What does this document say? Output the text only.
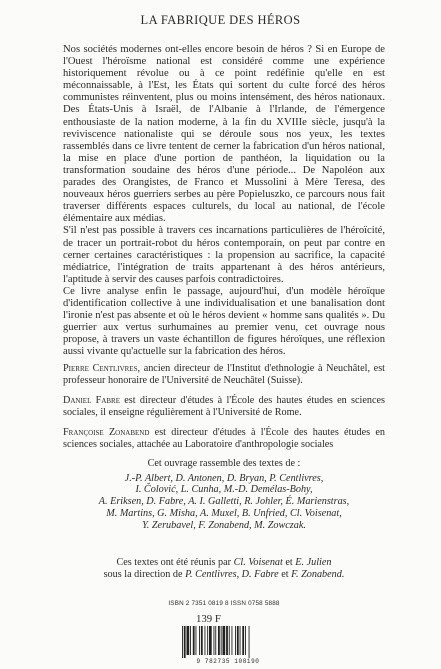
LA FABRIQUE DES HÉROS

Nos sociétés modernes ont-elles encore besoin de héros ? Si en Europe de l'Ouest l'héroïsme national est considéré comme une expérience historiquement révolue ou à ce point redéfinie qu'elle en est méconnaissable, à l'Est, les États qui sortent du culte forcé des héros communistes réinventent, plus ou moins intensément, des héros nationaux. Des États-Unis à Israël, de l'Albanie à l'Irlande, de l'émergence enthousiaste de la nation moderne, à la fin du XVIIIe siècle, jusqu'à la reviviscence nationaliste qui se déroule sous nos yeux, les textes rassemblés dans ce livre tentent de cerner la fabrication d'un héros national, la mise en place d'une portion de panthéon, la liquidation ou la transformation soudaine des héros d'une période... De Napoléon aux parades des Orangistes, de Franco et Mussolini à Mère Teresa, des nouveaux héros guerriers serbes au père Popieluszko, ce parcours nous fait traverser différents espaces culturels, du local au national, de l'école élémentaire aux médias.

S'il n'est pas possible à travers ces incarnations particulières de l'héroïcité, de tracer un portrait-robot du héros contemporain, on peut par contre en cerner certaines caractéristiques : la propension au sacrifice, la capacité médiatrice, l'intégration de traits appartenant à des héros antérieurs, l'aptitude à servir des causes parfois contradictoires.

Ce livre analyse enfin le passage, aujourd'hui, d'un modèle héroïque d'identification collective à une individualisation et une banalisation dont l'ironie n'est pas absente et où le héros devient « homme sans qualités ». Du guerrier aux vertus surhumaines au premier venu, cet ouvrage nous propose, à travers un vaste échantillon de figures héroïques, une réflexion aussi vivante qu'actuelle sur la fabrication des héros.

Pierre Centlivres, ancien directeur de l'Institut d'ethnologie à Neuchâtel, est professeur honoraire de l'Université de Neuchâtel (Suisse).

Daniel Fabre est directeur d'études à l'École des hautes études en sciences sociales, il enseigne régulièrement à l'Université de Rome.

Françoise Zonabend est directeur d'études à l'École des hautes études en sciences sociales, attachée au Laboratoire d'anthropologie sociales

Cet ouvrage rassemble des textes de :
J.-P. Albert, D. Antonen, D. Bryan, P. Centlivres,
I. Čolović, L. Cunha, M.-D. Demélas-Bohy,
A. Eriksen, D. Fabre, A. I. Galletti, R. Johler, É. Marienstras,
M. Martins, G. Misha, A. Muxel, B. Unfried, Cl. Voisenat,
Y. Zerubavel, F. Zonabend, M. Zowczak.
Ces textes ont été réunis par Cl. Voisenat et E. Julien
sous la direction de P. Centlivres, D. Fabre et F. Zonabend.
ISBN 2 7351 0819 8 ISSN 0758 5888
139 F
9 782735 108190
